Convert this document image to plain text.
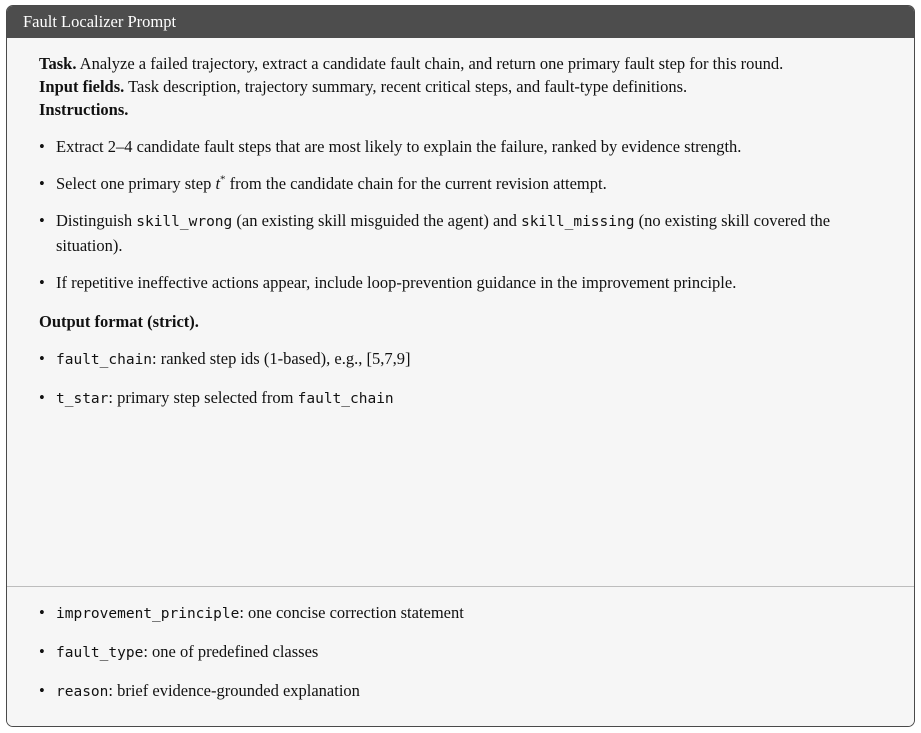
Fault Localizer Prompt

Task. Analyze a failed trajectory, extract a candidate fault chain, and return one primary fault step for this round.

Input fields. Task description, trajectory summary, recent critical steps, and fault-type definitions.

Instructions.

• Extract 2–4 candidate fault steps that are most likely to explain the failure, ranked by evidence strength.
• Select one primary step t* from the candidate chain for the current revision attempt.
• Distinguish skill_wrong (an existing skill misguided the agent) and skill_missing (no existing skill covered the situation).
• If repetitive ineffective actions appear, include loop-prevention guidance in the improvement principle.

Output format (strict).

• fault_chain: ranked step ids (1-based), e.g., [5,7,9]
• t_star: primary step selected from fault_chain
• improvement_principle: one concise correction statement
• fault_type: one of predefined classes
• reason: brief evidence-grounded explanation
